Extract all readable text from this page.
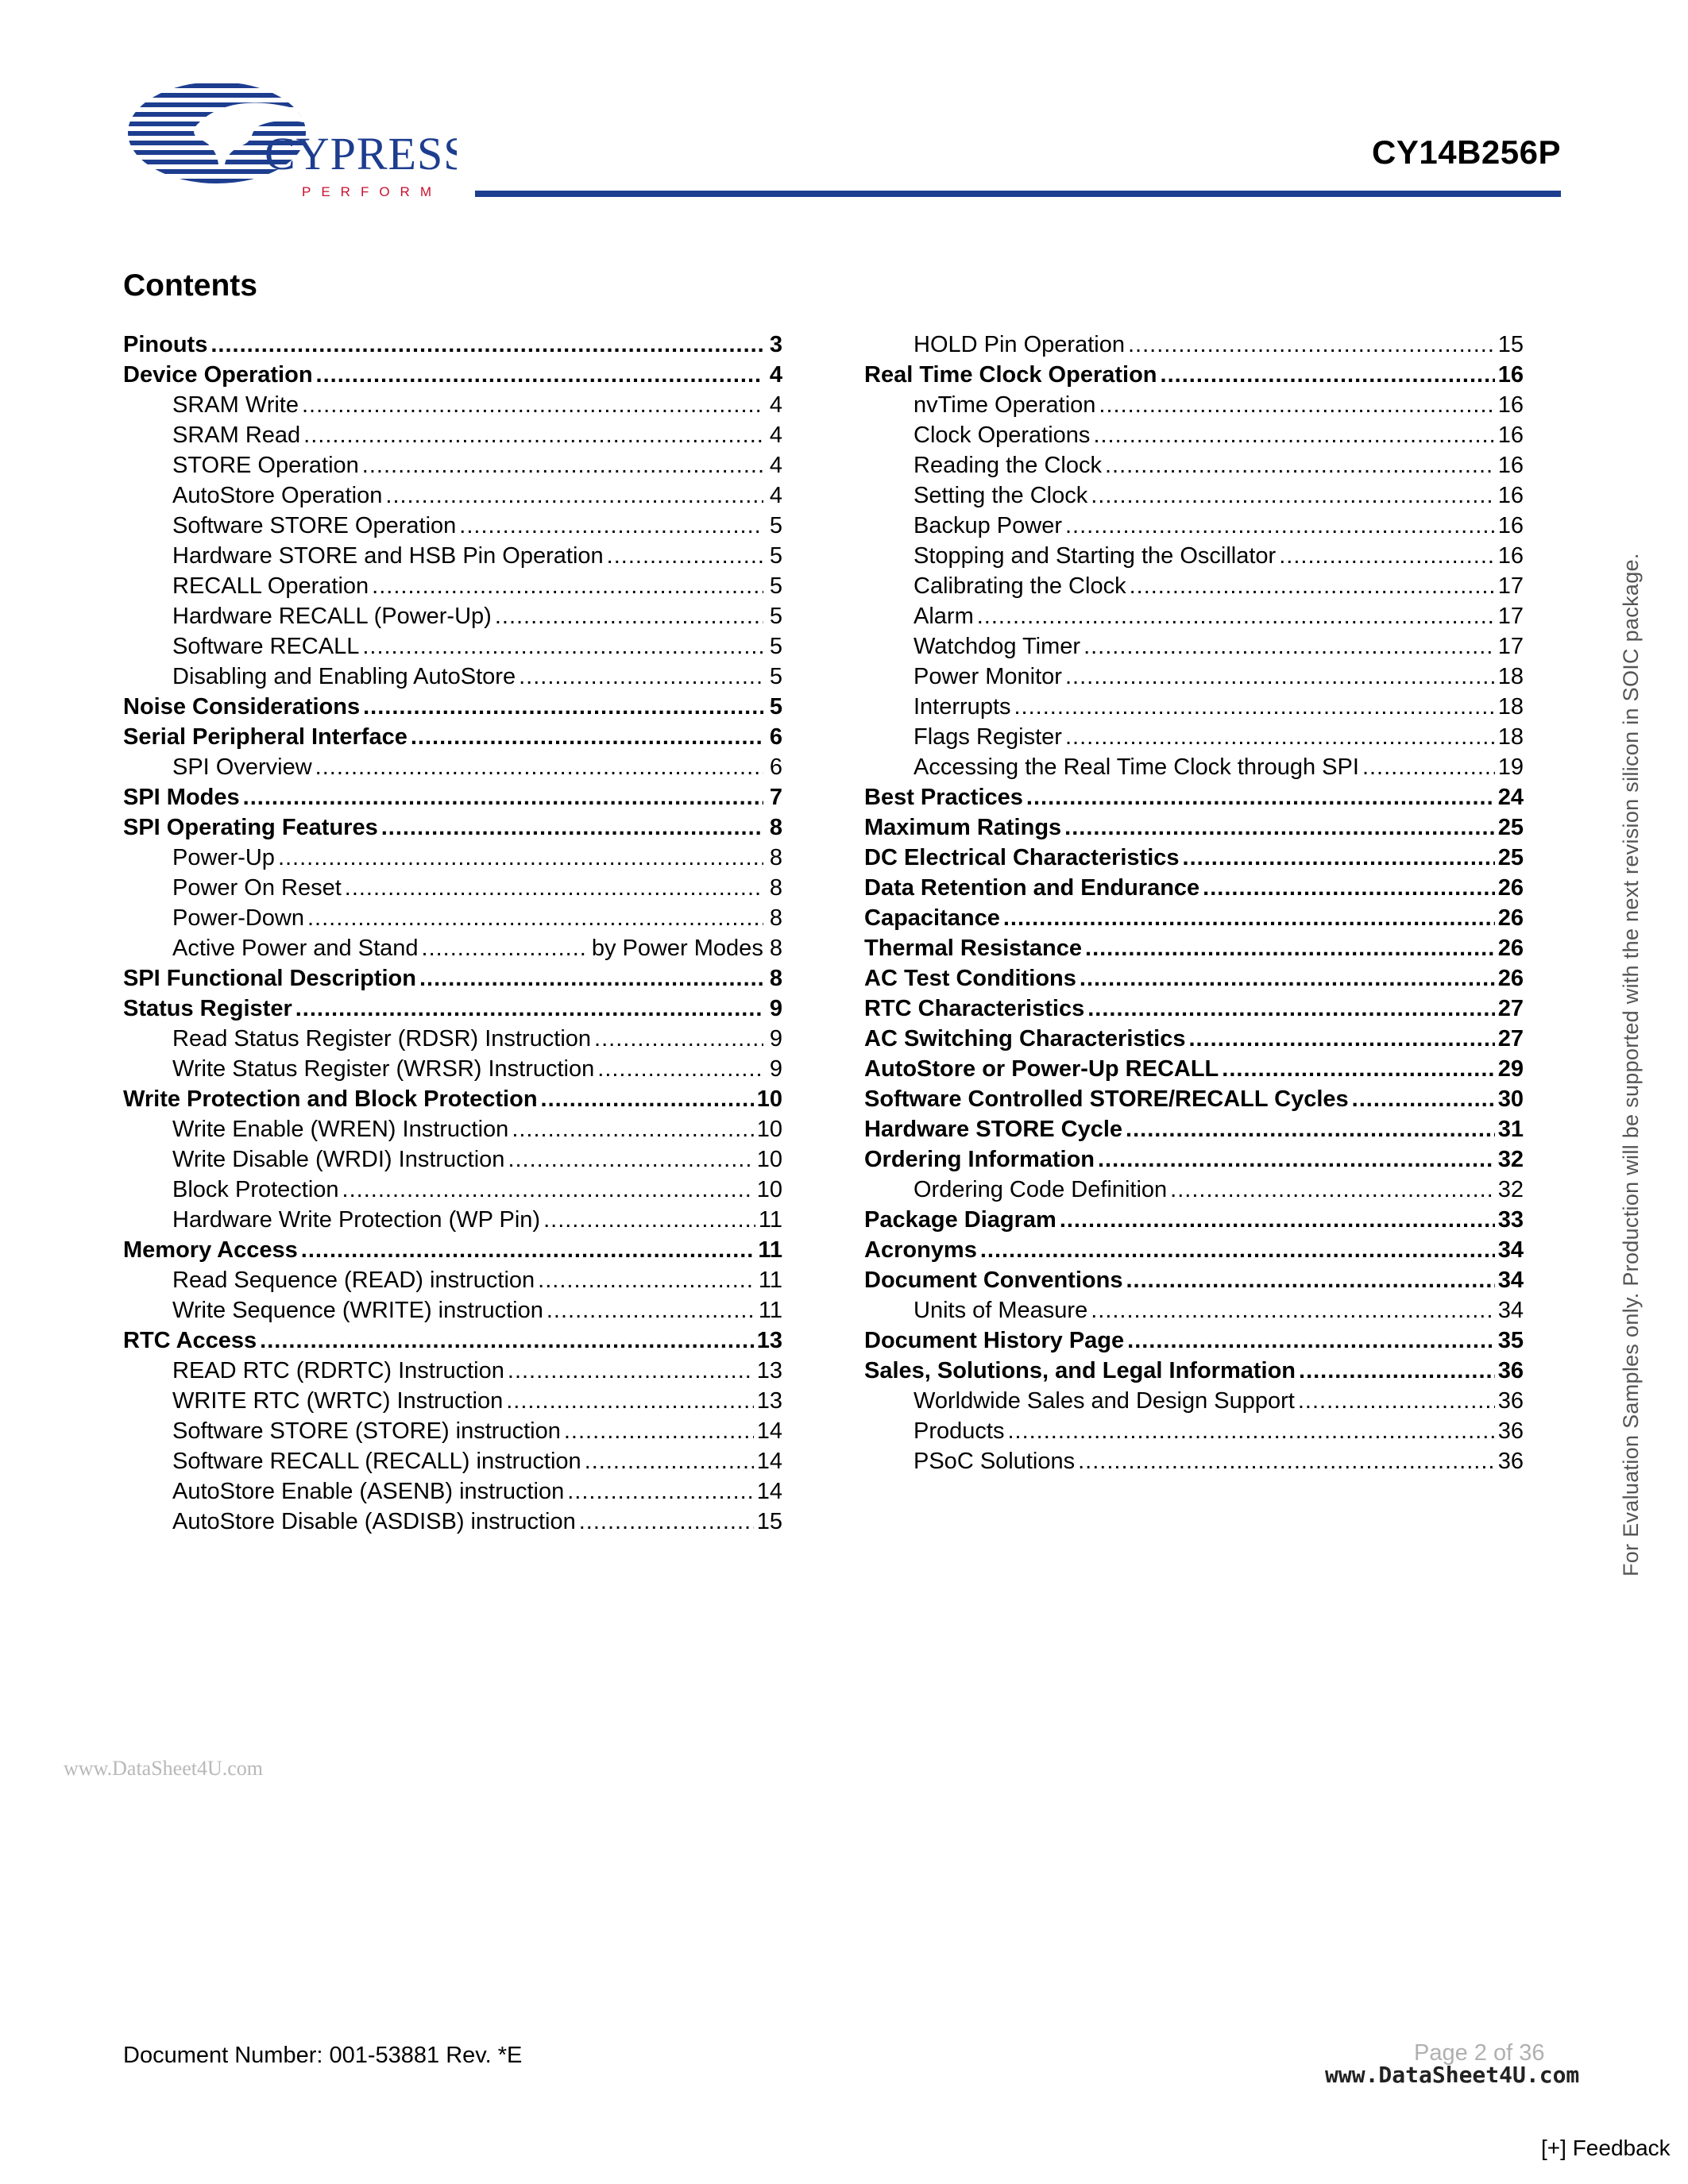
CYPRESS
PERFORM
CY14B256P
Contents
Pinouts .....	3
Device Operation .....	4
SRAM Write .....	4
SRAM Read .....	4
STORE Operation .....	4
AutoStore Operation .....	4
Software STORE Operation .....	5
Hardware STORE and HSB Pin Operation .....	5
RECALL Operation .....	5
Hardware RECALL (Power-Up) .....	5
Software RECALL .....	5
Disabling and Enabling AutoStore .....	5
Noise Considerations .....	5
Serial Peripheral Interface .....	6
SPI Overview .....	6
SPI Modes .....	7
SPI Operating Features .....	8
Power-Up .....	8
Power On Reset .....	8
Power-Down .....	8
Active Power and Stand .....	by Power Modes 8
SPI Functional Description .....	8
Status Register .....	9
Read Status Register (RDSR) Instruction .....	9
Write Status Register (WRSR) Instruction .....	9
Write Protection and Block Protection .....	10
Write Enable (WREN) Instruction .....	10
Write Disable (WRDI) Instruction .....	10
Block Protection .....	10
Hardware Write Protection (WP Pin) .....	11
Memory Access .....	11
Read Sequence (READ) instruction .....	11
Write Sequence (WRITE) instruction .....	11
RTC Access .....	13
READ RTC (RDRTC) Instruction .....	13
WRITE RTC (WRTC) Instruction .....	13
Software STORE (STORE) instruction .....	14
Software RECALL (RECALL) instruction .....	14
AutoStore Enable (ASENB) instruction .....	14
AutoStore Disable (ASDISB) instruction .....	15
HOLD Pin Operation .....	15
Real Time Clock Operation .....	16
nvTime Operation .....	16
Clock Operations .....	16
Reading the Clock .....	16
Setting the Clock .....	16
Backup Power .....	16
Stopping and Starting the Oscillator .....	16
Calibrating the Clock .....	17
Alarm .....	17
Watchdog Timer .....	17
Power Monitor .....	18
Interrupts .....	18
Flags Register .....	18
Accessing the Real Time Clock through SPI .....	19
Best Practices .....	24
Maximum Ratings .....	25
DC Electrical Characteristics .....	25
Data Retention and Endurance .....	26
Capacitance .....	26
Thermal Resistance .....	26
AC Test Conditions .....	26
RTC Characteristics .....	27
AC Switching Characteristics .....	27
AutoStore or Power-Up RECALL .....	29
Software Controlled STORE/RECALL Cycles .....	30
Hardware STORE Cycle .....	31
Ordering Information .....	32
Ordering Code Definition .....	32
Package Diagram .....	33
Acronyms .....	34
Document Conventions .....	34
Units of Measure .....	34
Document History Page .....	35
Sales, Solutions, and Legal Information .....	36
Worldwide Sales and Design Support .....	36
Products .....	36
PSoC Solutions .....	36	For Evaluation Samples only. Production will be supported with the next revision silicon in SOIC package.
www.DataSheet4U.com
Document Number: 001-53881 Rev. *E	Page 2 of 36
www.DataSheet4U.com
[+] Feedback
